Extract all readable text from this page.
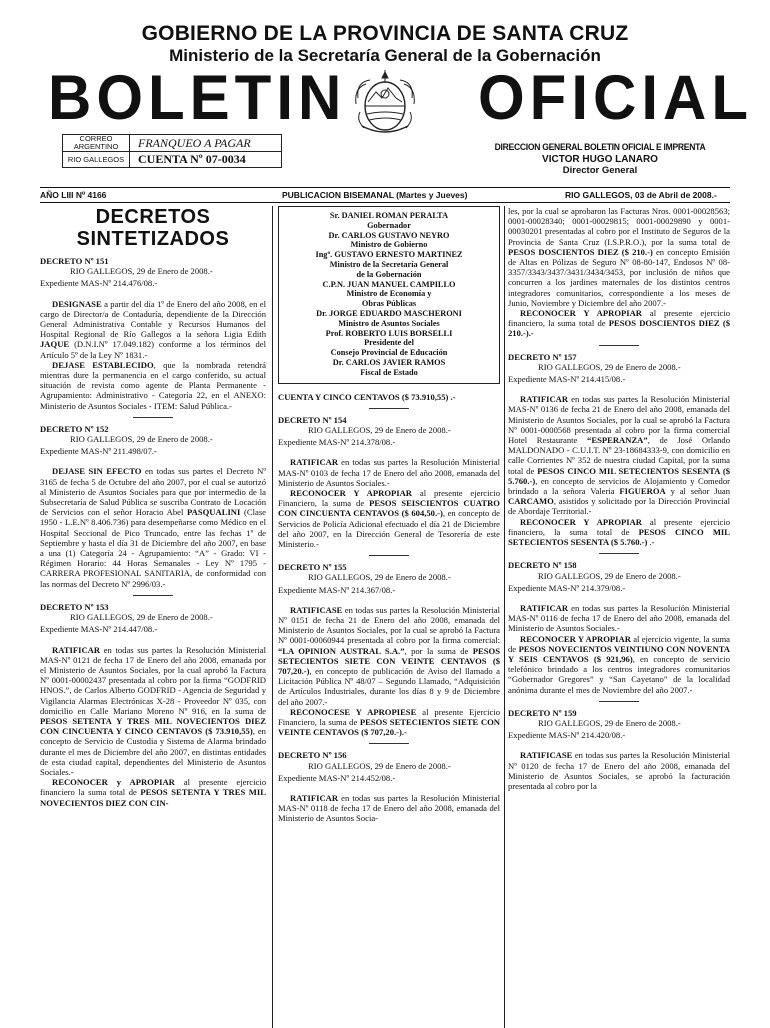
GOBIERNO DE LA PROVINCIA DE SANTA CRUZ
Ministerio de la Secretaría General de la Gobernación
BOLETIN OFICIAL
CORREO ARGENTINO	FRANQUEO A PAGAR
RIO GALLEGOS	CUENTA Nº 07-0034
DIRECCION GENERAL BOLETIN OFICIAL E IMPRENTA
VICTOR HUGO LANARO
Director General
AÑO LIII Nº 4166	PUBLICACION BISEMANAL (Martes y Jueves)	RIO GALLEGOS, 03 de Abril de 2008.-
DECRETOS
SINTETIZADOS

DECRETO Nº 151

RIO GALLEGOS, 29 de Enero de 2008.-

Expediente MAS-Nº 214.476/08.-

DESIGNASE a partir del día 1º de Enero del año 2008, en el cargo de Director/a de Contaduría, dependiente de la Dirección General Administrativa Contable y Recursos Humanos del Hospital Regional de Río Gallegos a la señora Ligia Edith JAQUE (D.N.I.Nº 17.049.182) conforme a los términos del Artículo 5º de la Ley Nº 1831.-

DEJASE ESTABLECIDO, que la nombrada retendrá mientras dure la permanencia en el cargo conferido, su actual situación de revista como agente de Planta Permanente - Agrupamiento: Administrativo - Categoría 22, en el ANEXO: Ministerio de Asuntos Sociales - ITEM: Salud Pública.-

DECRETO Nº 152

RIO GALLEGOS, 29 de Enero de 2008.-

Expediente MAS-Nº 211.498/07.-

DEJASE SIN EFECTO en todas sus partes el Decreto Nº 3165 de fecha 5 de Octubre del año 2007, por el cual se autorizó al Ministerio de Asuntos Sociales para que por intermedio de la Subsecretaría de Salud Pública se suscriba Contrato de Locación de Servicios con el señor Horacio Abel PASQUALINI (Clase 1950 - L.E.Nº 8.406.736) para desempeñarse como Médico en el Hospital Seccional de Pico Truncado, entre las fechas 1º de Septiembre y hasta el día 31 de Diciembre del año 2007, en base a una (1) Categoría 24 - Agrupamiento: “A” - Grado: VI - Régimen Horario: 44 Horas Semanales - Ley Nº 1795 - CARRERA PROFESIONAL SANITARIA, de conformidad con las normas del Decreto Nº 2996/03.-

DECRETO Nº 153

RIO GALLEGOS, 29 de Enero de 2008.-

Expediente MAS-Nº 214.447/08.-

RATIFICAR en todas sus partes la Resolución Ministerial MAS-Nº 0121 de fecha 17 de Enero del año 2008, emanada por el Ministerio de Asuntos Sociales, por la cual aprobó la Factura Nº 0001-00002437 presentada al cobro por la firma “GODFRID HNOS.”, de Carlos Alberto GODFRID - Agencia de Seguridad y Vigilancia Alarmas Electrónicas X-28 - Proveedor Nº 035, con domicilio en Calle Mariano Moreno Nº 916, en la suma de PESOS SETENTA Y TRES MIL NOVECIENTOS DIEZ CON CINCUENTA Y CINCO CENTAVOS ($ 73.910,55), en concepto de Servicio de Custodia y Sistema de Alarma brindado durante el mes de Diciembre del año 2007, en distintas entidades de esta ciudad capital, dependientes del Ministerio de Asuntos Sociales.-

RECONOCER y APROPIAR al presente ejercicio financiero la suma total de PESOS SETENTA Y TRES MIL NOVECIENTOS DIEZ CON CIN-

Sr. DANIEL ROMAN PERALTA
Gobernador
Dr. CARLOS GUSTAVO NEYRO
Ministro de Gobierno
Ingº. GUSTAVO ERNESTO MARTINEZ
Ministro de la Secretaría General
de la Gobernación
C.P.N. JUAN MANUEL CAMPILLO
Ministro de Economía y
Obras Públicas
Dr. JORGE EDUARDO MASCHERONI
Ministro de Asuntos Sociales
Prof. ROBERTO LUIS BORSELLI
Presidente del
Consejo Provincial de Educación
Dr. CARLOS JAVIER RAMOS
Fiscal de Estado

CUENTA Y CINCO CENTAVOS ($ 73.910,55) .-

DECRETO Nº 154

RIO GALLEGOS, 29 de Enero de 2008.-

Expediente MAS-Nº 214.378/08.-

RATIFICAR en todas sus partes la Resolución Ministerial MAS-Nº 0103 de fecha 17 de Enero del año 2008, emanada del Ministerio de Asuntos Sociales.-

RECONOCER Y APROPIAR al presente ejercicio Financiero, la suma de PESOS SEISCIENTOS CUATRO CON CINCUENTA CENTAVOS ($ 604,50.-), en concepto de Servicios de Policía Adicional efectuado el día 21 de Diciembre del año 2007, en la Dirección General de Tesorería de este Ministerio.-

DECRETO Nº 155

RIO GALLEGOS, 29 de Enero de 2008.-

Expediente MAS-Nº 214.367/08.-

RATIFICASE en todas sus partes la Resolución Ministerial Nº 0151 de fecha 21 de Enero del año 2008, emanada del Ministerio de Asuntos Sociales, por la cual se aprobó la Factura Nº 0001-00060944 presentada al cobro por la firma comercial: “LA OPINION AUSTRAL S.A.”, por la suma de PESOS SETECIENTOS SIETE CON VEINTE CENTAVOS ($ 707,20.-), en concepto de publicación de Aviso del llamado a Licitación Pública Nº 48/07 – Segundo Llamado, “Adquisición de Artículos Industriales, durante los días 8 y 9 de Diciembre del año 2007.-

RECONOCESE Y APROPIESE al presente Ejercicio Financiero, la suma de PESOS SETECIENTOS SIETE CON VEINTE CENTAVOS ($ 707,20.-).-

DECRETO Nº 156

RIO GALLEGOS, 29 de Enero de 2008.-

Expediente MAS-Nº 214.452/08.-

RATIFICAR en todas sus partes la Resolución Ministerial MAS-Nº 0118 de fecha 17 de Enero del año 2008, emanada del Ministerio de Asuntos Socia-

les, por la cual se aprobaron las Facturas Nros. 0001-00028563; 0001-00028340; 0001-00029815; 0001-00029890 y 0001-00030201 presentadas al cobro por el Instituto de Seguros de la Provincia de Santa Cruz (I.S.P.R.O.), por la suma total de PESOS DOSCIENTOS DIEZ ($ 210.-) en concepto Emisión de Altas en Pólizas de Seguro Nº 08-80-147, Endosos Nº 08-3357/3343/3437/3431/3434/3453, por inclusión de niños que concurren a los jardines maternales de los distintos centros integradores comunitarios, correspondiente a los meses de Junio, Noviembre y Diciembre del año 2007.-

RECONOCER Y APROPIAR al presente ejercicio financiero, la suma total de PESOS DOSCIENTOS DIEZ ($ 210.-).-

DECRETO Nº 157

RIO GALLEGOS, 29 de Enero de 2008.-

Expediente MAS-Nº 214.415/08.-

RATIFICAR en todas sus partes la Resolución Ministerial MAS-Nº 0136 de fecha 21 de Enero del año 2008, emanada del Ministerio de Asuntos Sociales, por la cual se aprobó la Factura Nº 0001-0000568 presentada al cobro por la firma comercial Hotel Restaurante “ESPERANZA”, de José Orlando MALDONADO - C.U.I.T. Nº 23-18684333-9, con domicilio en calle Corrientes Nº 352 de nuestra ciudad Capital, por la suma total de PESOS CINCO MIL SETECIENTOS SESENTA ($ 5.760.-), en concepto de servicios de Alojamiento y Comedor brindado a la señora Valeria FIGUEROA y al señor Juan CARCAMO, asistidos y solicitado por la Dirección Provincial de Abordaje Territorial.-

RECONOCER Y APROPIAR al presente ejercicio financiero, la suma total de PESOS CINCO MIL SETECIENTOS SESENTA ($ 5.760.-) .-

DECRETO Nº 158

RIO GALLEGOS, 29 de Enero de 2008.-

Expediente MAS-Nº 214.379/08.-

RATIFICAR en todas sus partes la Resolución Ministerial MAS-Nº 0116 de fecha 17 de Enero del año 2008, emanada del Ministerio de Asuntos Sociales.-

RECONOCER Y APROPIAR al ejercicio vigente, la suma de PESOS NOVECIENTOS VEINTIUNO CON NOVENTA Y SEIS CENTAVOS ($ 921,96), en concepto de servicio telefónico brindado a los centros integradores comunitarios “Gobernador Gregores” y “San Cayetano” de la localidad anónima durante el mes de Noviembre del año 2007.-

DECRETO Nº 159

RIO GALLEGOS, 29 de Enero de 2008.-

Expediente MAS-Nº 214.420/08.-

RATIFICASE en todas sus partes la Resolución Ministerial Nº 0120 de fecha 17 de Enero del año 2008, emanada del Ministerio de Asuntos Sociales, se aprobó la facturación presentada al cobro por la
